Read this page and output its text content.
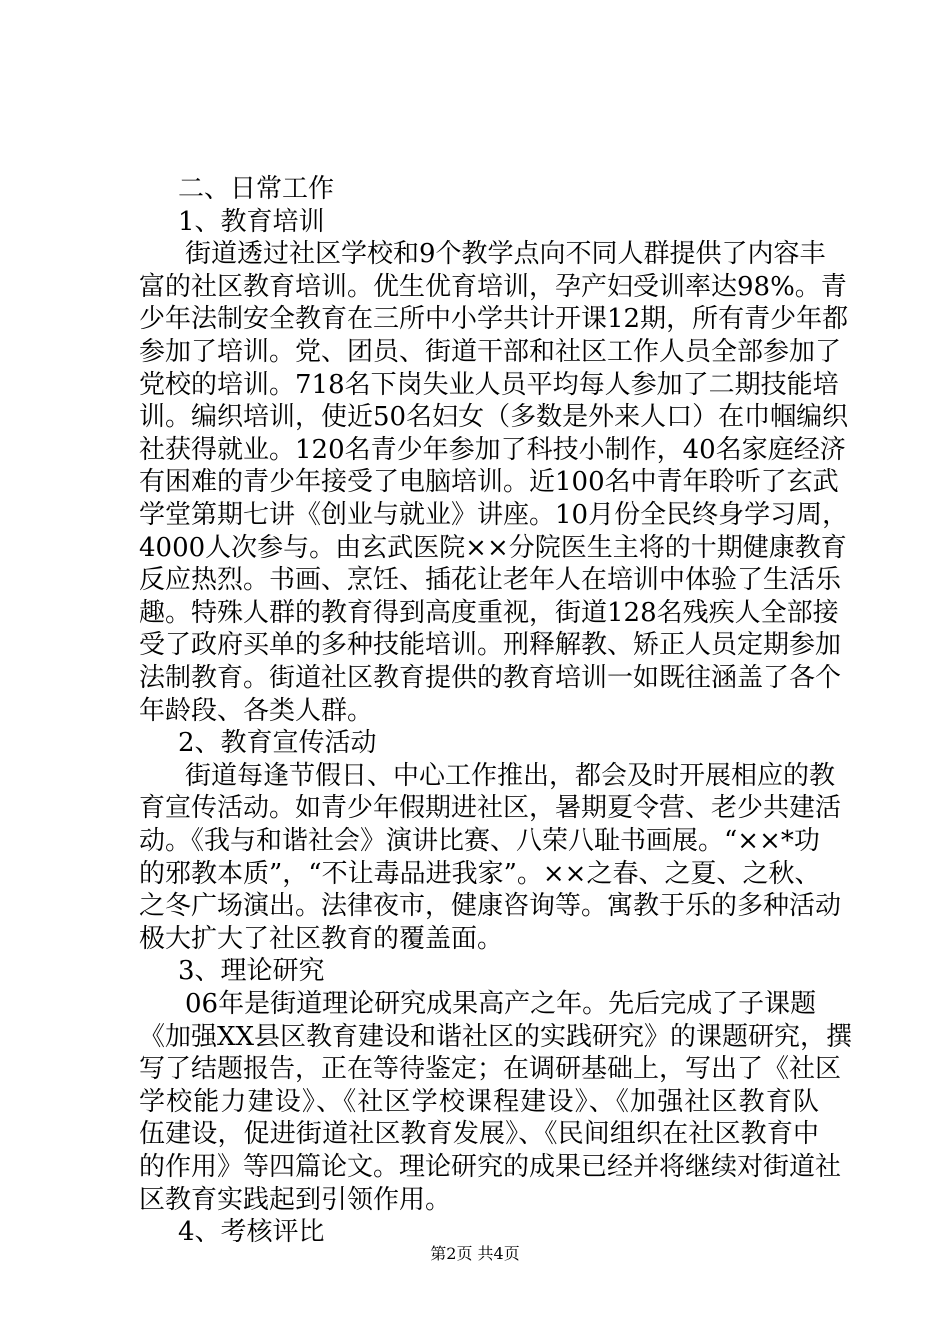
二、日常工作
1、教育培训
街道透过社区学校和9个教学点向不同人群提供了内容丰
富的社区教育培训。优生优育培训，孕产妇受训率达98%。青
少年法制安全教育在三所中小学共计开课12期，所有青少年都
参加了培训。党、团员、街道干部和社区工作人员全部参加了
党校的培训。718名下岗失业人员平均每人参加了二期技能培
训。编织培训，使近50名妇女（多数是外来人口）在巾帼编织
社获得就业。120名青少年参加了科技小制作，40名家庭经济
有困难的青少年接受了电脑培训。近100名中青年聆听了玄武
学堂第期七讲《创业与就业》讲座。10月份全民终身学习周，
4000人次参与。由玄武医院××分院医生主将的十期健康教育
反应热烈。书画、烹饪、插花让老年人在培训中体验了生活乐
趣。特殊人群的教育得到高度重视，街道128名残疾人全部接
受了政府买单的多种技能培训。刑释解教、矫正人员定期参加
法制教育。街道社区教育提供的教育培训一如既往涵盖了各个
年龄段、各类人群。
2、教育宣传活动
街道每逢节假日、中心工作推出，都会及时开展相应的教
育宣传活动。如青少年假期进社区，暑期夏令营、老少共建活
动。《我与和谐社会》演讲比赛、八荣八耻书画展。“××*功
的邪教本质”，“不让毒品进我家”。××之春、之夏、之秋、
之冬广场演出。法律夜市，健康咨询等。寓教于乐的多种活动
极大扩大了社区教育的覆盖面。
3、理论研究
06年是街道理论研究成果高产之年。先后完成了子课题
《加强XX县区教育建设和谐社区的实践研究》的课题研究，撰
写了结题报告，正在等待鉴定；在调研基础上，写出了《社区
学校能力建设》、《社区学校课程建设》、《加强社区教育队
伍建设，促进街道社区教育发展》、《民间组织在社区教育中
的作用》等四篇论文。理论研究的成果已经并将继续对街道社
区教育实践起到引领作用。
4、考核评比
第2页 共4页
